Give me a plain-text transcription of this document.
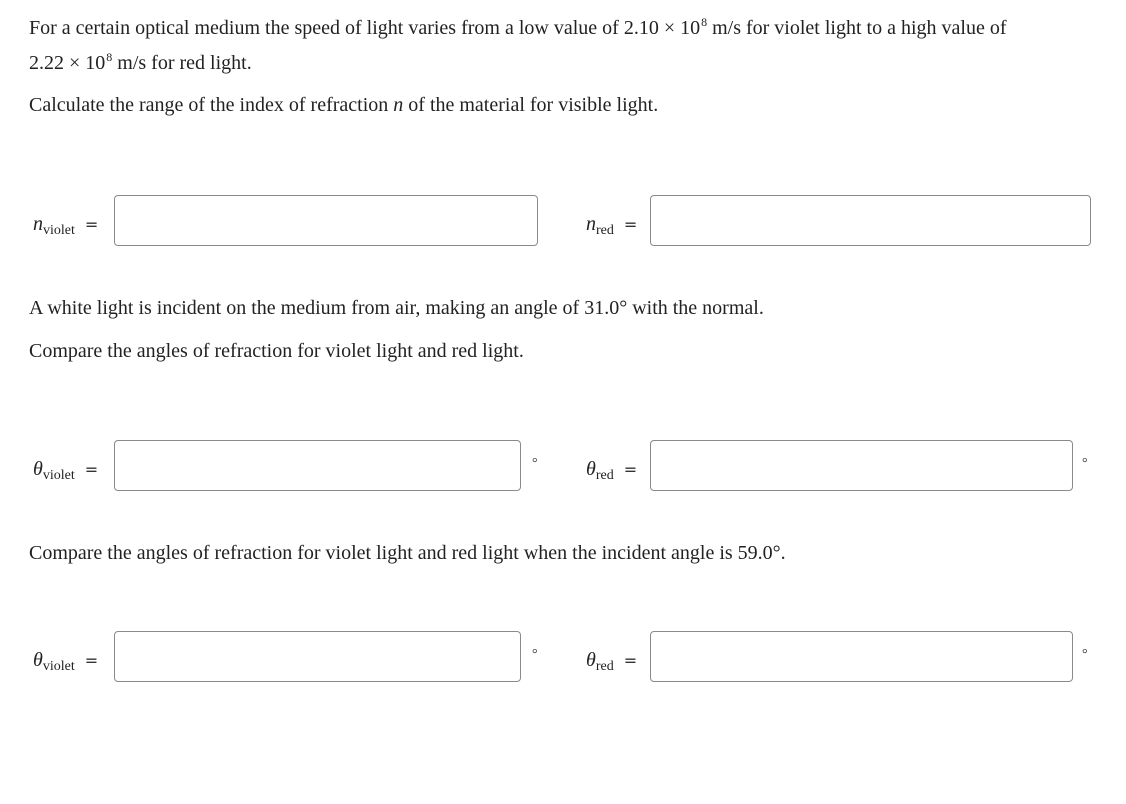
For a certain optical medium the speed of light varies from a low value of $2.10 \times 10^8$ m/s for violet light to a high value of
$2.22 \times 10^8$ m/s for red light.
Calculate the range of the index of refraction n of the material for visible light.
$n_{violet}$ =	$n_{red}$ =
A white light is incident on the medium from air, making an angle of 31.0° with the normal.
Compare the angles of refraction for violet light and red light.
$\theta_{violet}$ =	° $\theta_{red}$ =	°
Compare the angles of refraction for violet light and red light when the incident angle is 59.0°.
$\theta_{violet}$ =	° $\theta_{red}$ =	°
